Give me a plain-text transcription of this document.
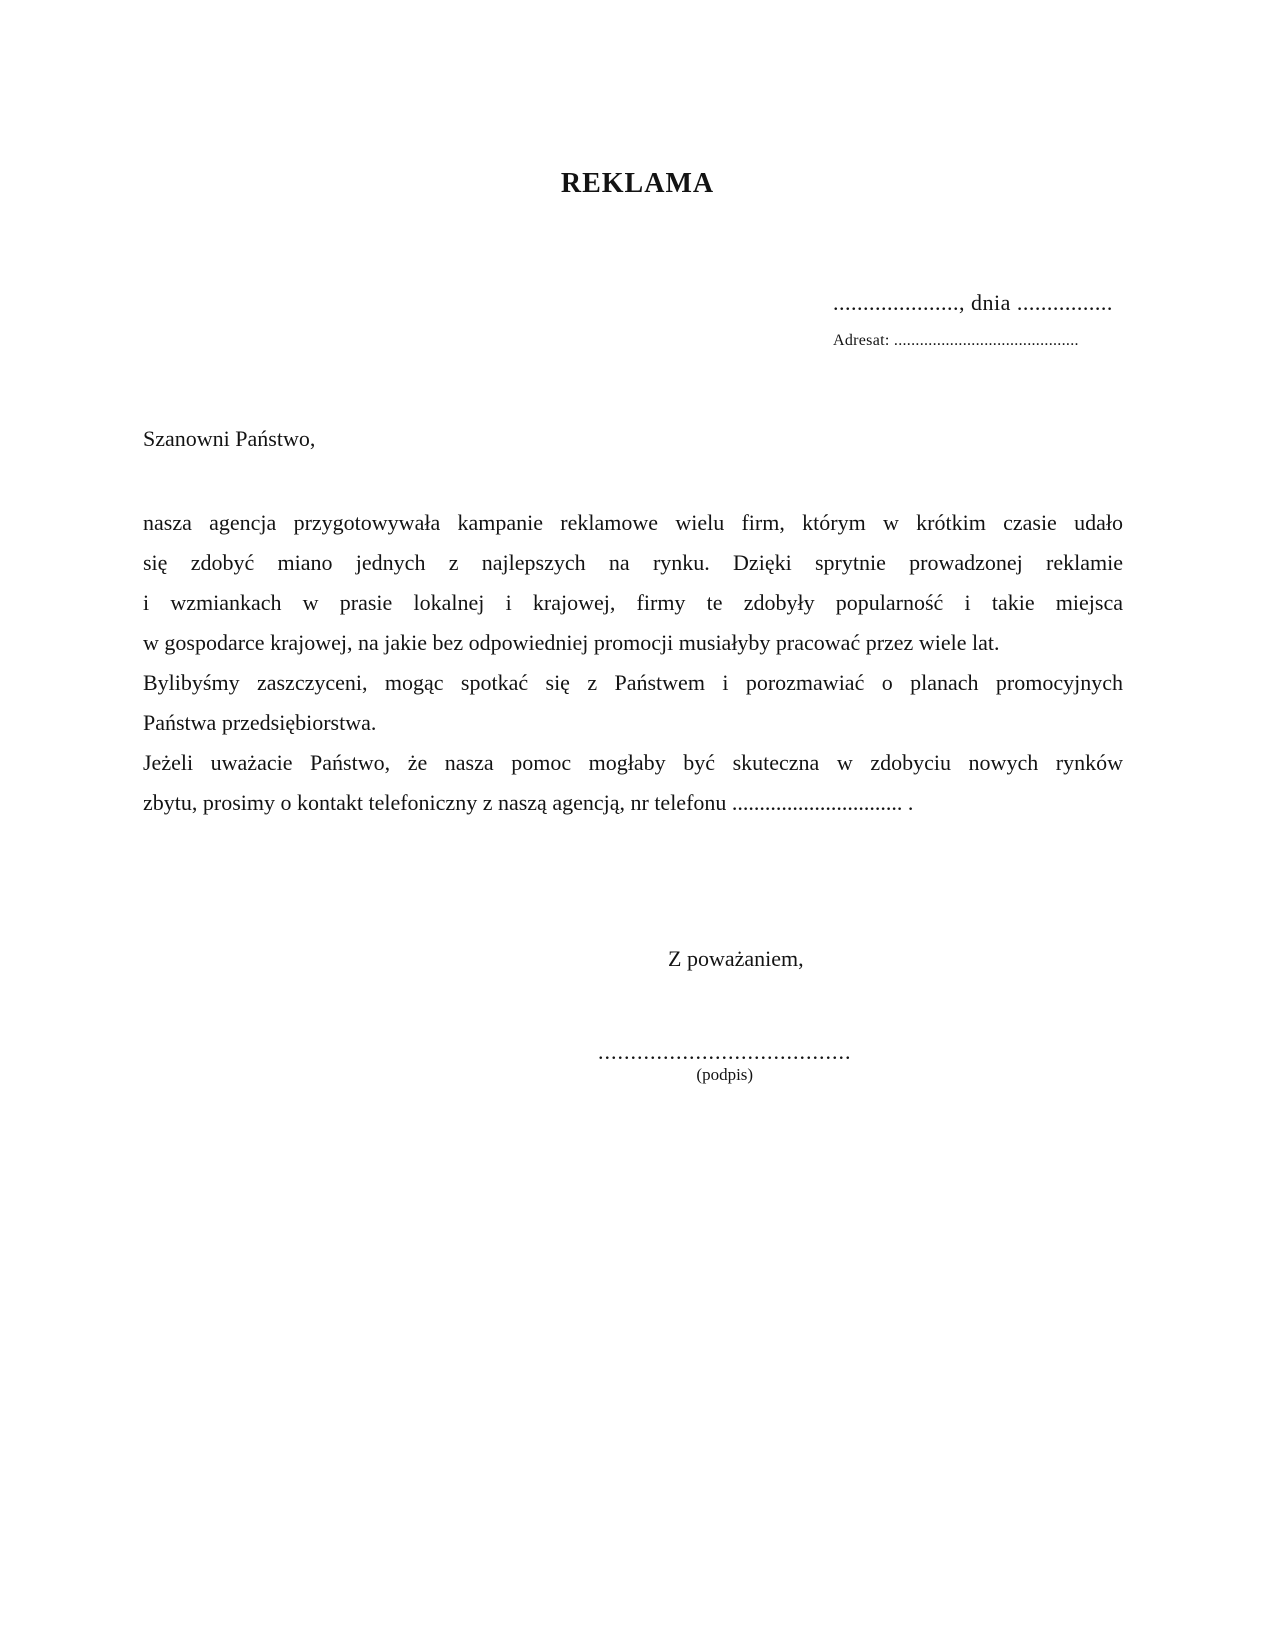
REKLAMA
....................., dnia ................
Adresat: ...........................................

Szanowni Państwo,

nasza agencja przygotowywała kampanie reklamowe wielu firm, którym w krótkim czasie udało
się zdobyć miano jednych z najlepszych na rynku. Dzięki sprytnie prowadzonej reklamie
i wzmiankach w prasie lokalnej i krajowej, firmy te zdobyły popularność i takie miejsca
w gospodarce krajowej, na jakie bez odpowiedniej promocji musiałyby pracować przez wiele lat.
Bylibyśmy zaszczyceni, mogąc spotkać się z Państwem i porozmawiać o planach promocyjnych
Państwa przedsiębiorstwa.
Jeżeli uważacie Państwo, że nasza pomoc mogłaby być skuteczna w zdobyciu nowych rynków
zbytu, prosimy o kontakt telefoniczny z naszą agencją, nr telefonu ............................... .

Z poważaniem,

.......................................
(podpis)
